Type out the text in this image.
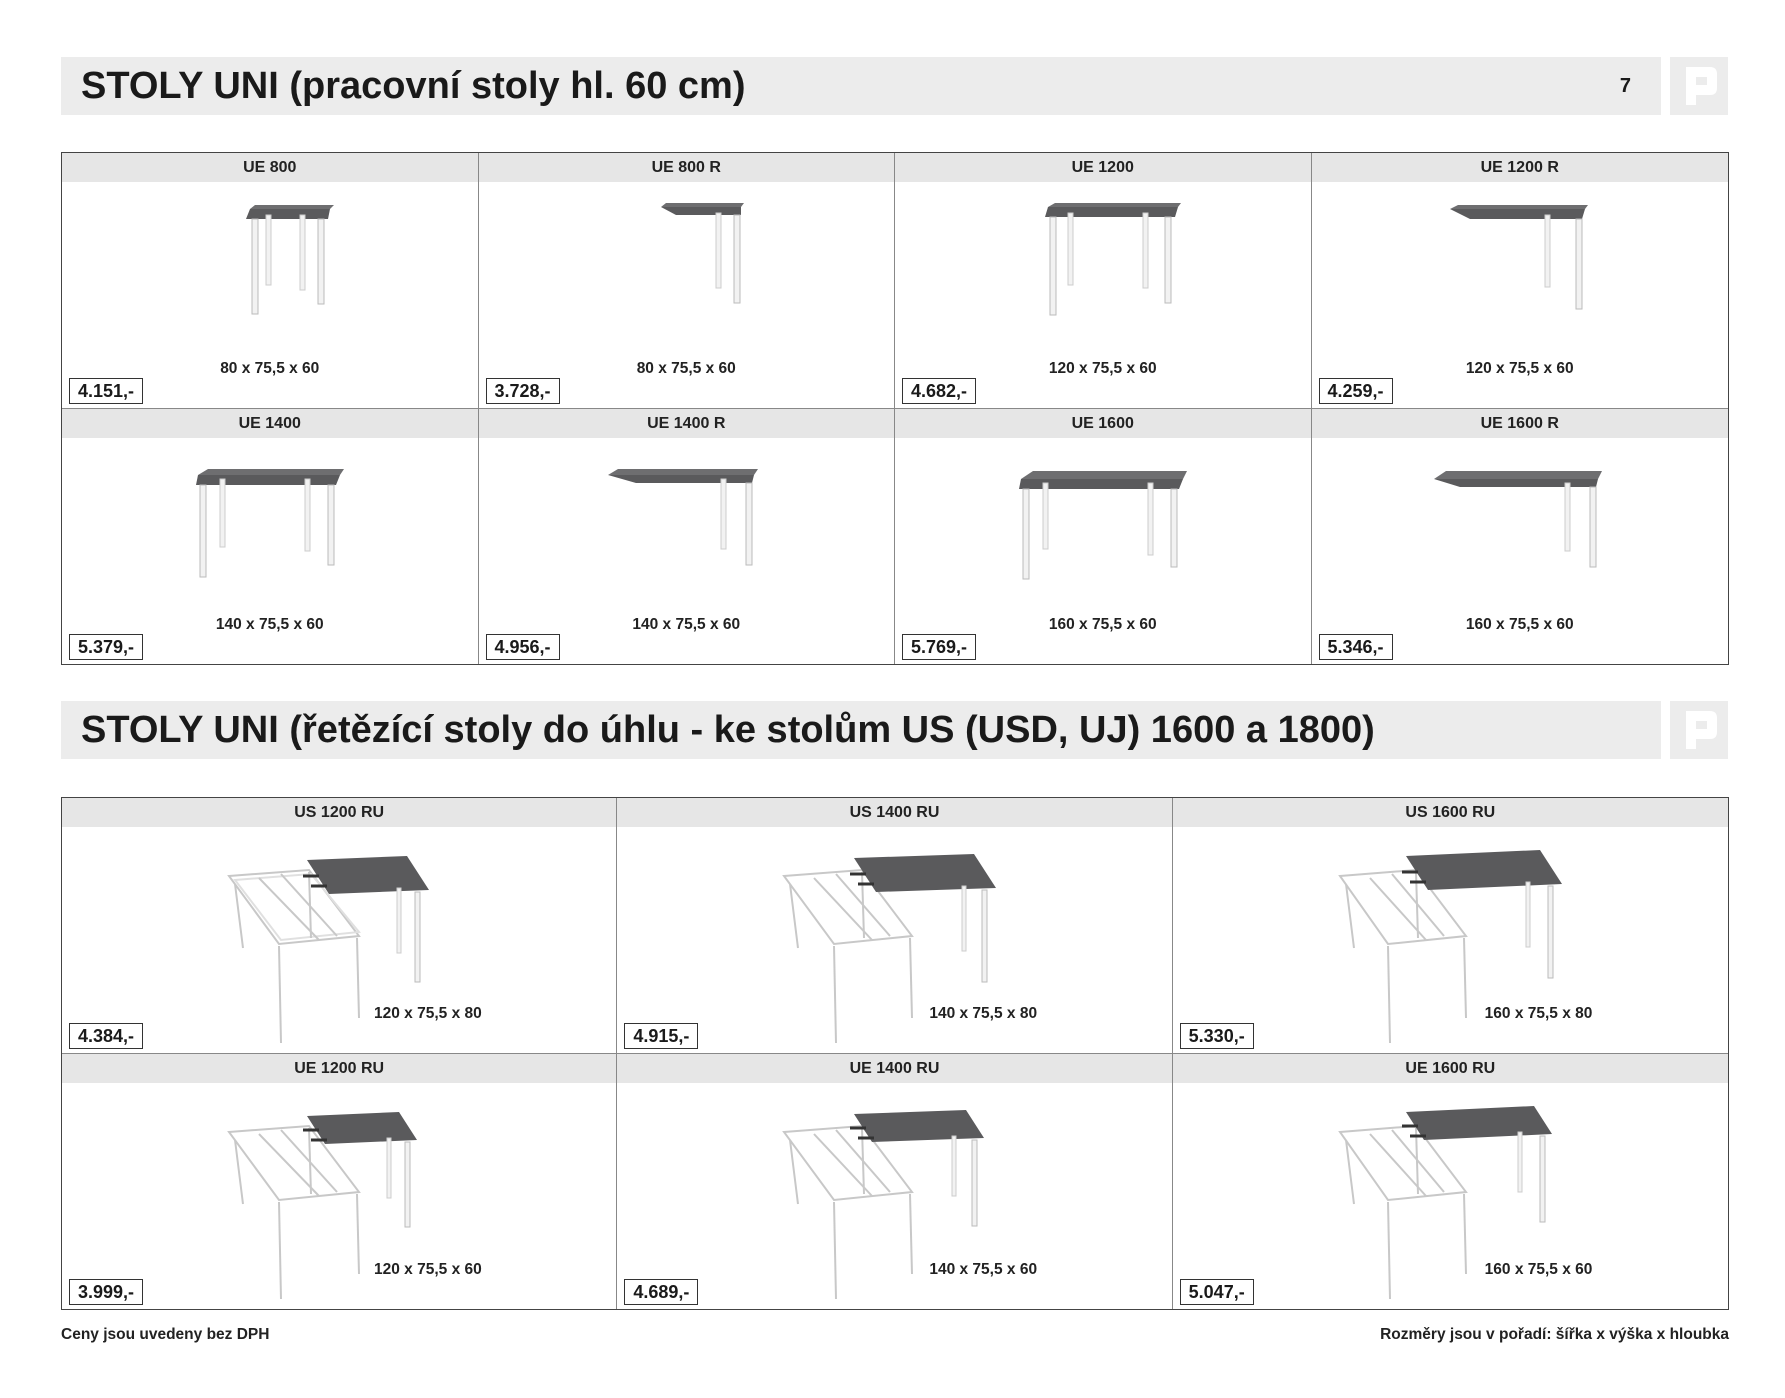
STOLY UNI (pracovní stoly hl. 60 cm)	7
UE 800
80 x 75,5 x 60
4.151,-
UE 800 R
80 x 75,5 x 60
3.728,-
UE 1200
120 x 75,5 x 60
4.682,-
UE 1200 R
120 x 75,5 x 60
4.259,-
UE 1400
140 x 75,5 x 60
5.379,-
UE 1400 R
140 x 75,5 x 60
4.956,-
UE 1600
160 x 75,5 x 60
5.769,-
UE 1600 R
160 x 75,5 x 60
5.346,-
STOLY UNI (řetězící stoly do úhlu - ke stolům US (USD, UJ) 1600 a 1800)
US 1200 RU
120 x 75,5 x 80
4.384,-
US 1400 RU
140 x 75,5 x 80
4.915,-
US 1600 RU
160 x 75,5 x 80
5.330,-
UE 1200 RU
120 x 75,5 x 60
3.999,-
UE 1400 RU
140 x 75,5 x 60
4.689,-
UE 1600 RU
160 x 75,5 x 60
5.047,-
Ceny jsou uvedeny bez DPH	Rozměry jsou v pořadí: šířka x výška x hloubka
